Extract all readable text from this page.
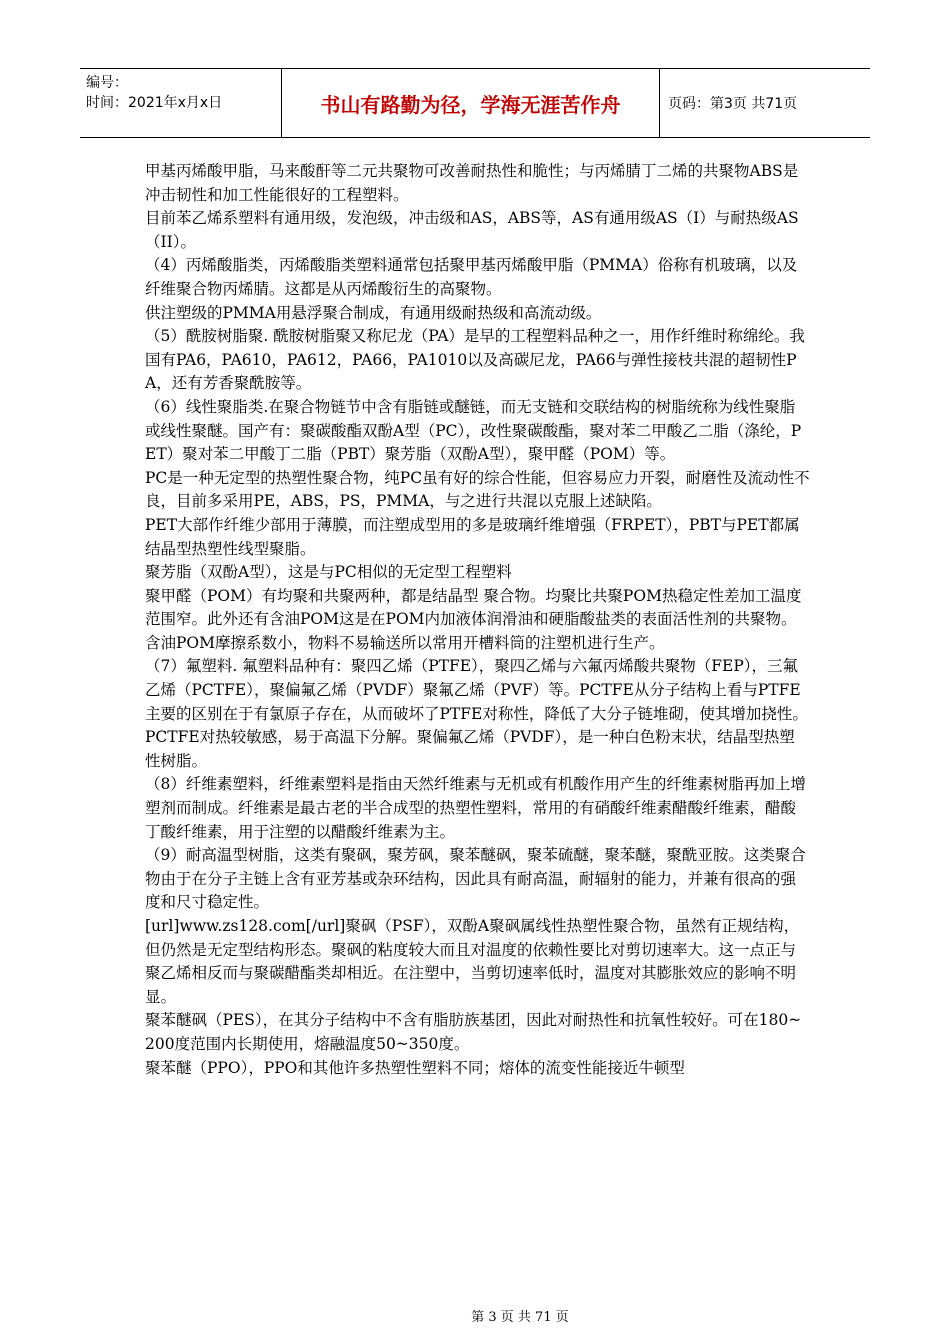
编号：
时间：2021年x月x日	书山有路勤为径，学海无涯苦作舟	页码：第3页 共71页

甲基丙烯酸甲脂，马来酸酐等二元共聚物可改善耐热性和脆性；与丙烯腈丁二烯的共聚物ABS是冲击韧性和加工性能很好的工程塑料。

目前苯乙烯系塑料有通用级，发泡级，冲击级和AS，ABS等，AS有通用级AS（I）与耐热级AS（II）。

（4）丙烯酸脂类，丙烯酸脂类塑料通常包括聚甲基丙烯酸甲脂（PMMA）俗称有机玻璃，以及纤维聚合物丙烯腈。这都是从丙烯酸衍生的高聚物。

供注塑级的PMMA用悬浮聚合制成，有通用级耐热级和高流动级。

（5）酰胺树脂聚. 酰胺树脂聚又称尼龙（PA）是早的工程塑料品种之一，用作纤维时称绵纶。我国有PA6，PA610，PA612，PA66，PA1010以及高碳尼龙，PA66与弹性接枝共混的超韧性PA，还有芳香聚酰胺等。

（6）线性聚脂类.在聚合物链节中含有脂链或醚链，而无支链和交联结构的树脂统称为线性聚脂或线性聚醚。国产有：聚碳酸酯双酚A型（PC），改性聚碳酸酯，聚对苯二甲酸乙二脂（涤纶，PET）聚对苯二甲酸丁二脂（PBT）聚芳脂（双酚A型），聚甲醛（POM）等。

PC是一种无定型的热塑性聚合物，纯PC虽有好的综合性能，但容易应力开裂，耐磨性及流动性不良，目前多采用PE，ABS，PS，PMMA，与之进行共混以克服上述缺陷。

PET大部作纤维少部用于薄膜，而注塑成型用的多是玻璃纤维增强（FRPET），PBT与PET都属结晶型热塑性线型聚脂。

聚芳脂（双酚A型），这是与PC相似的无定型工程塑料

聚甲醛（POM）有均聚和共聚两种，都是结晶型 聚合物。均聚比共聚POM热稳定性差加工温度范围窄。此外还有含油POM这是在POM内加液体润滑油和硬脂酸盐类的表面活性剂的共聚物。含油POM摩擦系数小，物料不易输送所以常用开槽料筒的注塑机进行生产。

（7）氟塑料. 氟塑料品种有：聚四乙烯（PTFE），聚四乙烯与六氟丙烯酸共聚物（FEP），三氟乙烯（PCTFE），聚偏氟乙烯（PVDF）聚氟乙烯（PVF）等。PCTFE从分子结构上看与PTFE主要的区别在于有氯原子存在，从而破坏了PTFE对称性，降低了大分子链堆砌，使其增加挠性。PCTFE对热较敏感，易于高温下分解。聚偏氟乙烯（PVDF），是一种白色粉末状，结晶型热塑性树脂。

（8）纤维素塑料，纤维素塑料是指由天然纤维素与无机或有机酸作用产生的纤维素树脂再加上增塑剂而制成。纤维素是最古老的半合成型的热塑性塑料，常用的有硝酸纤维素醋酸纤维素，醋酸丁酸纤维素，用于注塑的以醋酸纤维素为主。

（9）耐高温型树脂，这类有聚砜，聚芳砜，聚苯醚砜，聚苯硫醚，聚苯醚，聚酰亚胺。这类聚合物由于在分子主链上含有亚芳基或杂环结构，因此具有耐高温，耐辐射的能力，并兼有很高的强度和尺寸稳定性。

[url]www.zs128.com[/url]聚砜（PSF），双酚A聚砜属线性热塑性聚合物，虽然有正规结构，但仍然是无定型结构形态。聚砜的粘度较大而且对温度的依赖性要比对剪切速率大。这一点正与聚乙烯相反而与聚碳醋酯类却相近。在注塑中，当剪切速率低时，温度对其膨胀效应的影响不明显。

聚苯醚砜（PES），在其分子结构中不含有脂肪族基团，因此对耐热性和抗氧性较好。可在180~200度范围内长期使用，熔融温度50~350度。

聚苯醚（PPO），PPO和其他许多热塑性塑料不同；熔体的流变性能接近牛顿型

第 3 页 共 71 页
